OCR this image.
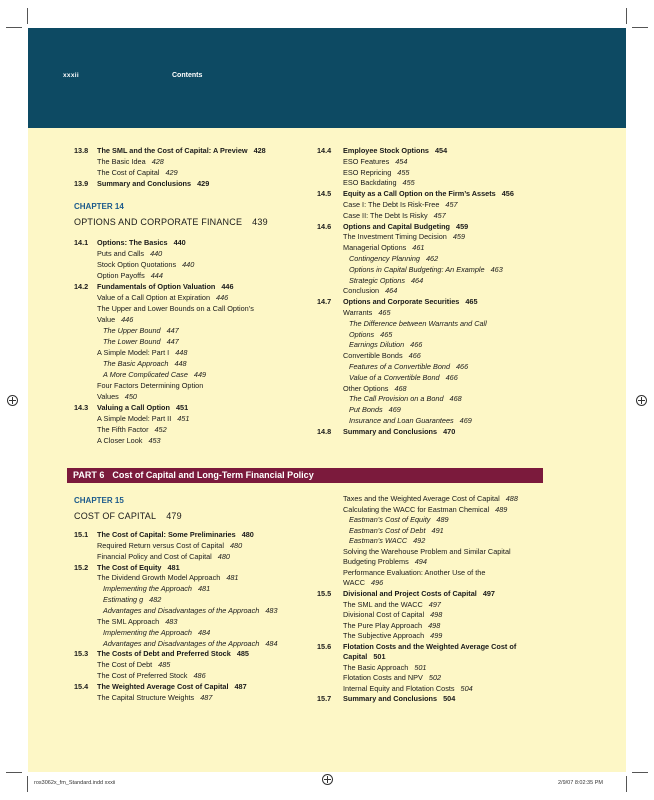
xxxii	Contents
13.8 The SML and the Cost of Capital: A Preview 428
The Basic Idea 428
The Cost of Capital 429
13.9 Summary and Conclusions 429
CHAPTER 14
OPTIONS AND CORPORATE FINANCE 439
14.1 Options: The Basics 440
Puts and Calls 440
Stock Option Quotations 440
Option Payoffs 444
14.2 Fundamentals of Option Valuation 446
Value of a Call Option at Expiration 446
The Upper and Lower Bounds on a Call Option’s
Value 446
The Upper Bound 447
The Lower Bound 447
A Simple Model: Part I 448
The Basic Approach 448
A More Complicated Case 449
Four Factors Determining Option
Values 450
14.3 Valuing a Call Option 451
A Simple Model: Part II 451
The Fifth Factor 452
A Closer Look 453
14.4 Employee Stock Options 454
ESO Features 454
ESO Repricing 455
ESO Backdating 455
14.5 Equity as a Call Option on the Firm’s Assets 456
Case I: The Debt Is Risk-Free 457
Case II: The Debt Is Risky 457
14.6 Options and Capital Budgeting 459
The Investment Timing Decision 459
Managerial Options 461
Contingency Planning 462
Options in Capital Budgeting: An Example 463
Strategic Options 464
Conclusion 464
14.7 Options and Corporate Securities 465
Warrants 465
The Difference between Warrants and Call
Options 465
Earnings Dilution 466
Convertible Bonds 466
Features of a Convertible Bond 466
Value of a Convertible Bond 466
Other Options 468
The Call Provision on a Bond 468
Put Bonds 469
Insurance and Loan Guarantees 469
14.8 Summary and Conclusions 470
PART 6 Cost of Capital and Long-Term Financial Policy
CHAPTER 15
COST OF CAPITAL 479
15.1 The Cost of Capital: Some Preliminaries 480
Required Return versus Cost of Capital 480
Financial Policy and Cost of Capital 480
15.2 The Cost of Equity 481
The Dividend Growth Model Approach 481
Implementing the Approach 481
Estimating g 482
Advantages and Disadvantages of the Approach 483
The SML Approach 483
Implementing the Approach 484
Advantages and Disadvantages of the Approach 484
15.3 The Costs of Debt and Preferred Stock 485
The Cost of Debt 485
The Cost of Preferred Stock 486
15.4 The Weighted Average Cost of Capital 487
The Capital Structure Weights 487
Taxes and the Weighted Average Cost of Capital 488
Calculating the WACC for Eastman Chemical 489
Eastman’s Cost of Equity 489
Eastman’s Cost of Debt 491
Eastman’s WACC 492
Solving the Warehouse Problem and Similar Capital
Budgeting Problems 494
Performance Evaluation: Another Use of the
WACC 496
15.5 Divisional and Project Costs of Capital 497
The SML and the WACC 497
Divisional Cost of Capital 498
The Pure Play Approach 498
The Subjective Approach 499
15.6 Flotation Costs and the Weighted Average Cost of
Capital 501
The Basic Approach 501
Flotation Costs and NPV 502
Internal Equity and Flotation Costs 504
15.7 Summary and Conclusions 504
ros3062x_fm_Standard.indd xxxii	2/9/07 8:02:35 PM
